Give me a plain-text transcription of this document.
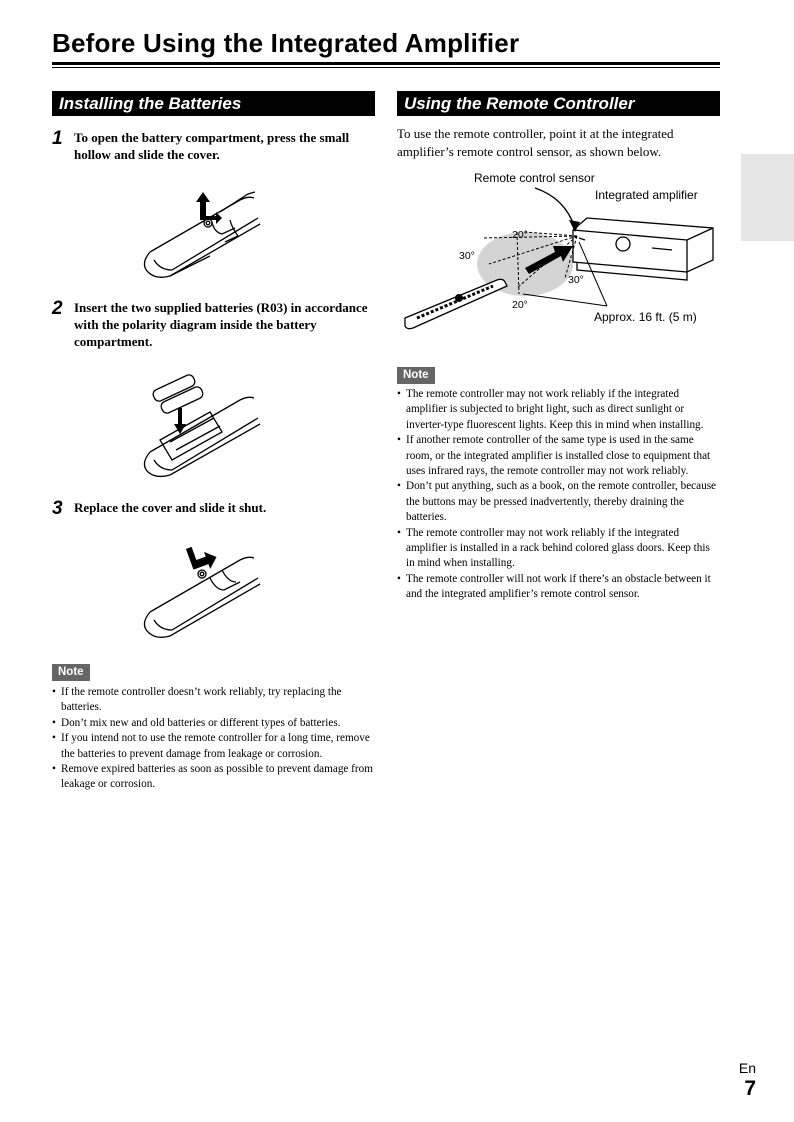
Before Using the Integrated Amplifier
Installing the Batteries
1 To open the battery compartment, press the small hollow and slide the cover.
2 Insert the two supplied batteries (R03) in accordance with the polarity diagram inside the battery compartment.
3 Replace the cover and slide it shut.
Note
• If the remote controller doesn’t work reliably, try replacing the batteries.
• Don’t mix new and old batteries or different types of batteries.
• If you intend not to use the remote controller for a long time, remove the batteries to prevent damage from leakage or corrosion.
• Remove expired batteries as soon as possible to prevent damage from leakage or corrosion.
Using the Remote Controller
To use the remote controller, point it at the integrated amplifier’s remote control sensor, as shown below.
Remote control sensor
Integrated amplifier
20°
30°
30°
20°
Approx. 16 ft. (5 m)
Note
• The remote controller may not work reliably if the integrated amplifier is subjected to bright light, such as direct sunlight or inverter-type fluorescent lights. Keep this in mind when installing.
• If another remote controller of the same type is used in the same room, or the integrated amplifier is installed close to equipment that uses infrared rays, the remote controller may not work reliably.
• Don’t put anything, such as a book, on the remote controller, because the buttons may be pressed inadvertently, thereby draining the batteries.
• The remote controller may not work reliably if the integrated amplifier is installed in a rack behind colored glass doors. Keep this in mind when installing.
• The remote controller will not work if there’s an obstacle between it and the integrated amplifier’s remote control sensor.
En
7
